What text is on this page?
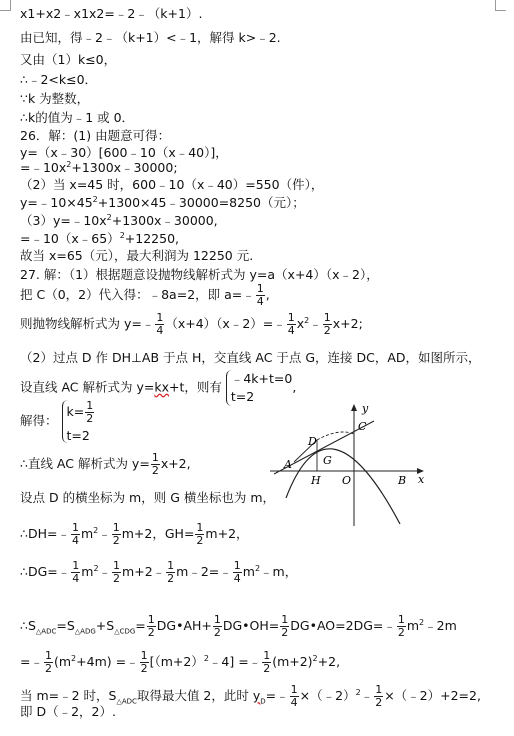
x1+x2﹣x1x2=﹣2﹣（k+1）.
由已知，得﹣2﹣（k+1）<﹣1，解得 k>﹣2.
又由（1）k≤0，
∴﹣2<k≤0．
∵k 为整数，
∴k的值为﹣1 或 0．
26．解：(1) 由题意可得：
y=（x﹣30）[600﹣10（x﹣40）]，
$=﹣10x^2+1300x﹣30000$;
（2）当 x=45 时，600﹣10（x﹣40）=550（件），
$y=﹣10\times 45^2+1300\times 45﹣30000=8250$（元）；
$(3)y=﹣10x^2+1300x﹣30000$,
=﹣10（x﹣65）$^2$+12250,
故当 x=65（元），最大利润为 12250 元.
27. 解：（1）根据题意设抛物线解析式为 y=a（x+4）（x﹣2），
把 C（0，2）代入得：﹣8a=2，即 a=﹣ $\frac{1}{4}$ ,
则抛物线解析式为 y=﹣ $\frac{1}{4}$ （x+4）（x﹣2）=﹣ $\frac{1}{4}$ $x^2﹣ \frac{1}{2} x+2$;
（2）过点 D 作 DH⊥AB 于点 H，交直线 AC 于点 G，连接 DC，AD，如图所示，
设直线 AC 解析式为 y=kx+t，则有
﹣4k+t=0
t=2
,
解得：
$k= \frac{1}{2}$
t=2
∴直线 AC 解析式为 $y= \frac{1}{2} x+2$,
设点 D 的横坐标为 m，则 G 横坐标也为 m，
∴DH=﹣ $\frac{1}{4}$ $m^2﹣ \frac{1}{2} m+2$，$GH= \frac{1}{2} m+2$，
∴DG=﹣ $\frac{1}{4}$ $m^2﹣ \frac{1}{2}$ m+2﹣ $\frac{1}{2}$ m﹣2=﹣ $\frac{1}{4}$ $m^2﹣m$，
$\therefore S_{\triangle ADC}=S_{\triangle ADG}+S_{\triangle CDG}= \frac{1}{2}$ DG•AH+ $\frac{1}{2}$ DG•OH= $\frac{1}{2}$ DG•AO=2DG=﹣ $\frac{1}{2}$ $m^2﹣2m$
=﹣ $\frac{1}{2} (m^2+4m)$ =﹣ $\frac{1}{2}$ $[(m+2)^2﹣4]$ =﹣ $\frac{1}{2} (m+2)^2+2$,
当 m=﹣2 时，$S_{\triangle ADC}$取得最大值 2，此时 $y_D=﹣ \frac{1}{4}$ ×（﹣2）$^2$﹣ $\frac{1}{2}$ ×（﹣2）+2=2,
即 D（﹣2，2）.
y
x
D
C
A	G
H O	B
